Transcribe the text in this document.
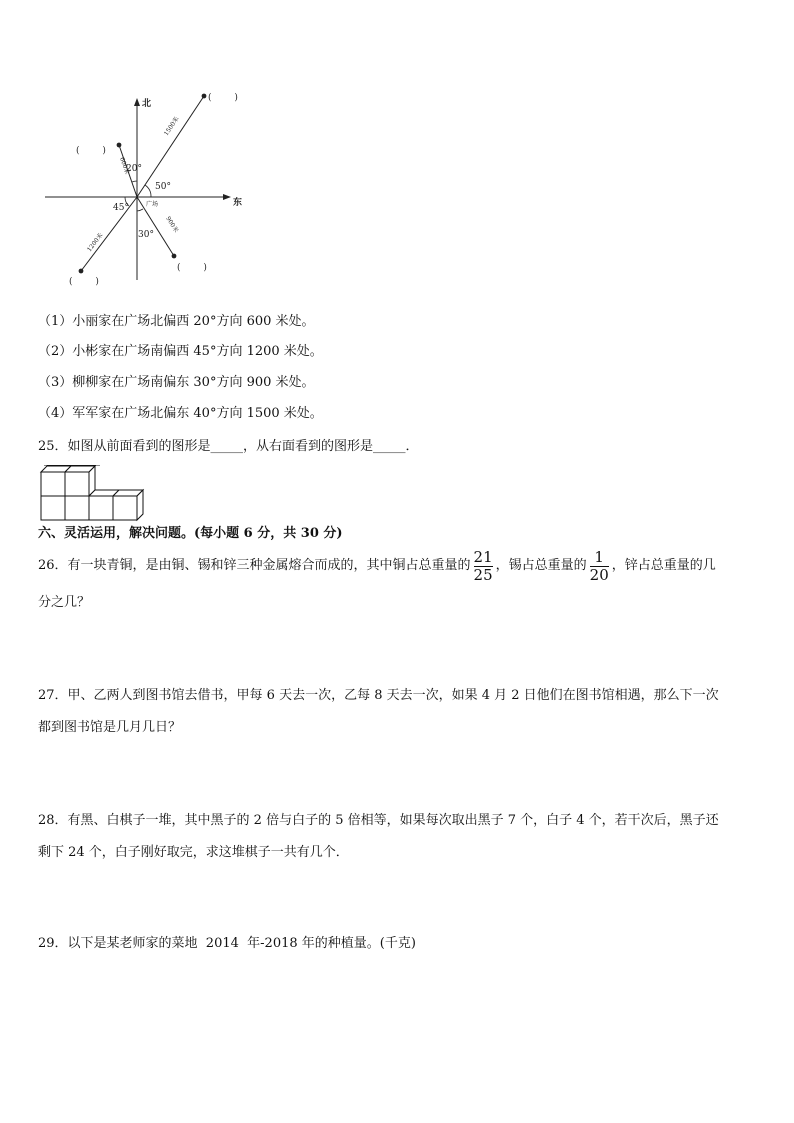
北
东
20°
50°
45°
30°
广场
600米
1500米
1200米
900米
(        )
(        )
(        )
(        )
（1）小丽家在广场北偏西 20°方向 600 米处。
（2）小彬家在广场南偏西 45°方向 1200 米处。
（3）柳柳家在广场南偏东 30°方向 900 米处。
（4）军军家在广场北偏东 40°方向 1500 米处。
25．如图从前面看到的图形是_____，从右面看到的图形是_____．
六、灵活运用，解决问题。(每小题 6 分，共 30 分)
26．有一块青铜，是由铜、锡和锌三种金属熔合而成的，其中铜占总重量的 $\frac{21}{25}$ ，锡占总重量的 $\frac{1}{20}$ ，锌占总重量的几
分之几？
27．甲、乙两人到图书馆去借书，甲每 6 天去一次，乙每 8 天去一次，如果 4 月 2 日他们在图书馆相遇，那么下一次
都到图书馆是几月几日？
28．有黑、白棋子一堆，其中黑子的 2 倍与白子的 5 倍相等，如果每次取出黑子 7 个，白子 4 个，若干次后，黑子还
剩下 24 个，白子刚好取完，求这堆棋子一共有几个．
29．以下是某老师家的菜地  2014  年-2018 年的种植量。(千克)
